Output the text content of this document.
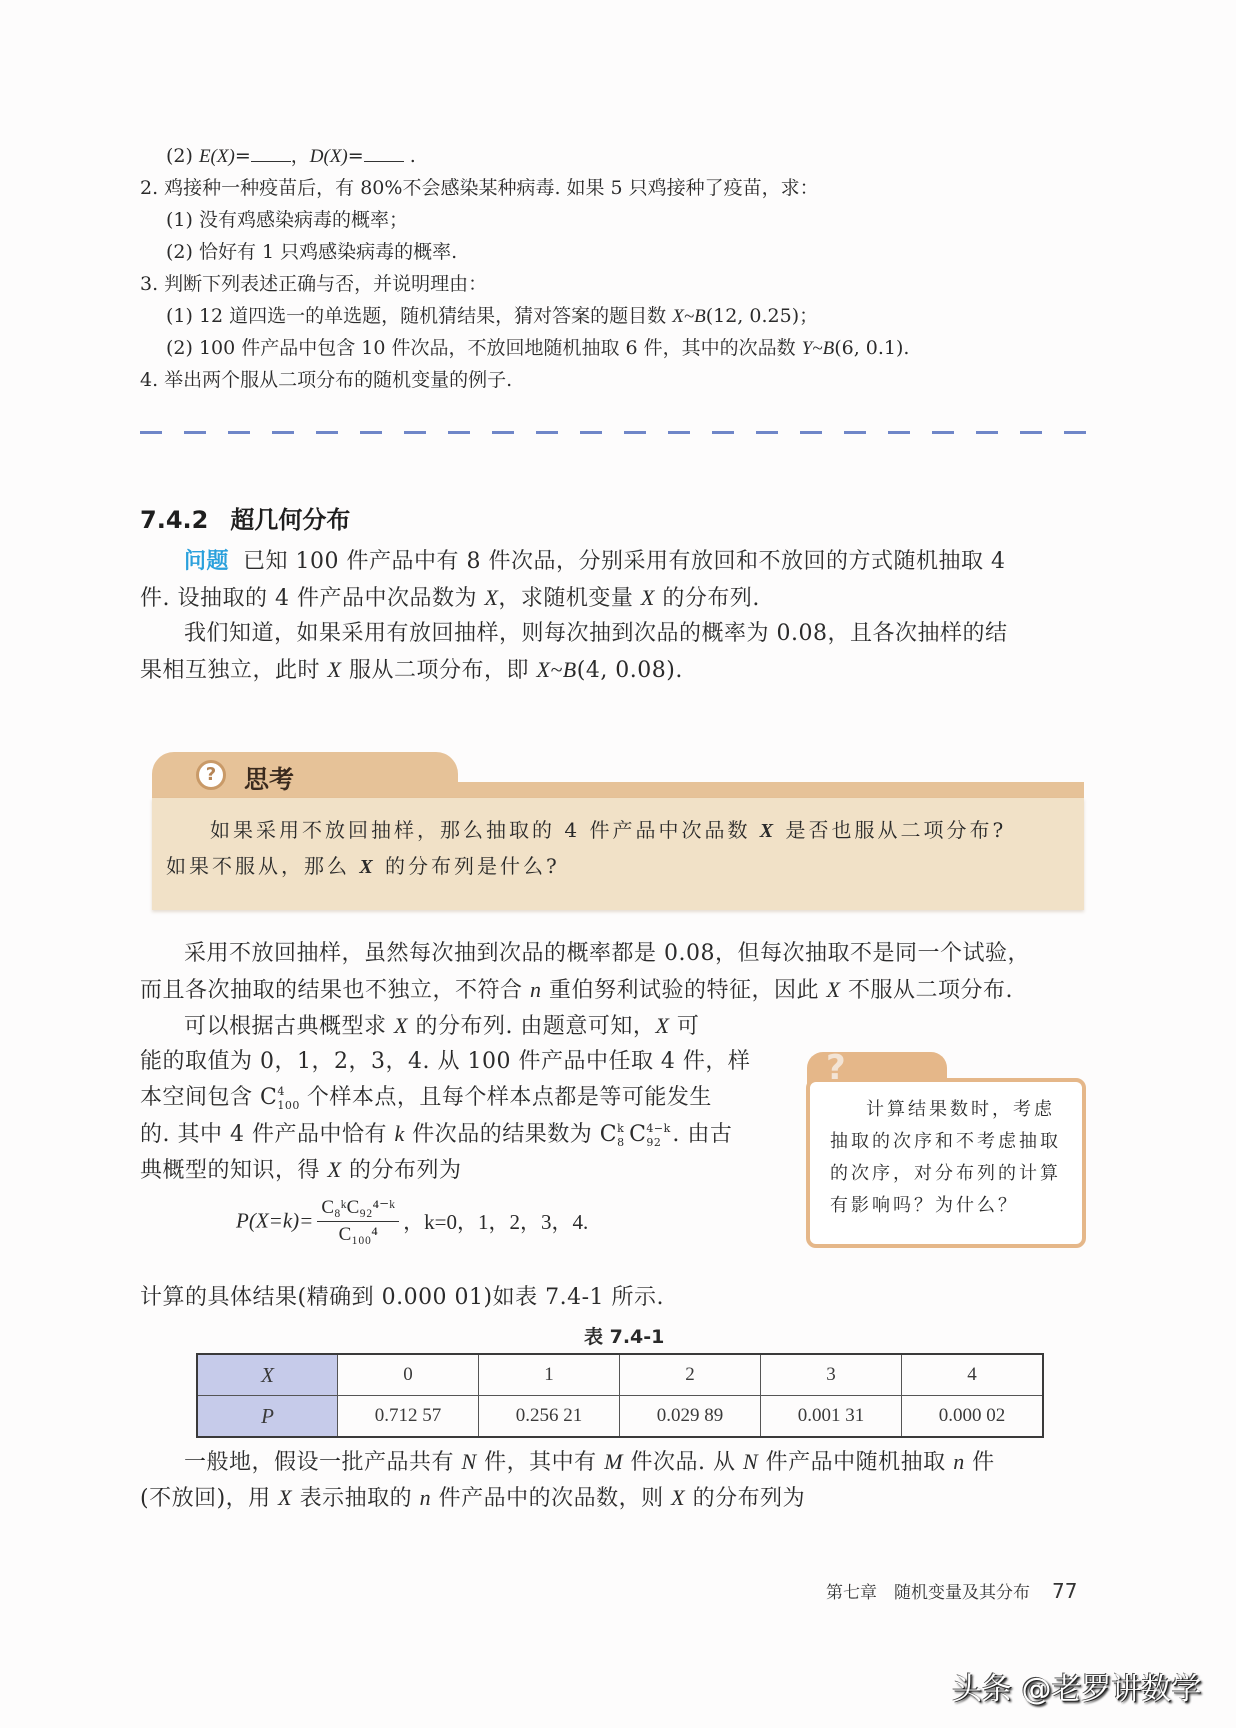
(2) E(X)= ，D(X)= .
2. 鸡接种一种疫苗后，有 80%不会感染某种病毒. 如果 5 只鸡接种了疫苗，求：
(1) 没有鸡感染病毒的概率；
(2) 恰好有 1 只鸡感染病毒的概率.
3. 判断下列表述正确与否，并说明理由：
(1) 12 道四选一的单选题，随机猜结果，猜对答案的题目数 X~B(12, 0.25)；
(2) 100 件产品中包含 10 件次品，不放回地随机抽取 6 件，其中的次品数 Y~B(6, 0.1).
4. 举出两个服从二项分布的随机变量的例子.
7.4.2 超几何分布
问题 已知 100 件产品中有 8 件次品，分别采用有放回和不放回的方式随机抽取 4
件. 设抽取的 4 件产品中次品数为 X，求随机变量 X 的分布列.
我们知道，如果采用有放回抽样，则每次抽到次品的概率为 0.08，且各次抽样的结
果相互独立，此时 X 服从二项分布，即 X~B(4, 0.08).
?	思考
如果采用不放回抽样，那么抽取的 4 件产品中次品数 X 是否也服从二项分布?
如果不服从，那么 X 的分布列是什么?
采用不放回抽样，虽然每次抽到次品的概率都是 0.08，但每次抽取不是同一个试验，
而且各次抽取的结果也不独立，不符合 n 重伯努利试验的特征，因此 X 不服从二项分布.
可以根据古典概型求 X 的分布列. 由题意可知，X 可
能的取值为 0，1，2，3，4. 从 100 件产品中任取 4 件，样
本空间包含 C 4
100 个样本点，且每个样本点都是等可能发生
的. 其中 4 件产品中恰有 k 件次品的结果数为 C k
8 C 4−k
92 . 由古
典概型的知识，得 X 的分布列为
$P(X=k)= \frac{\text{C₈ᵏC₉₂⁴⁻ᵏ}}{\text{C₁₀₀⁴}}$ ，k=0，1，2，3，4.
计算的具体结果(精确到 0.000 01)如表 7.4-1 所示.
?
计算结果数时，考虑
抽取的次序和不考虑抽取
的次序，对分布列的计算
有影响吗？为什么？
表 7.4-1
X	0	1	2	3	4
P	0.712 57	0.256 21	0.029 89	0.001 31	0.000 02
一般地，假设一批产品共有 N 件，其中有 M 件次品. 从 N 件产品中随机抽取 n 件
(不放回)，用 X 表示抽取的 n 件产品中的次品数，则 X 的分布列为
第七章　随机变量及其分布 77
头条 @老罗讲数学
